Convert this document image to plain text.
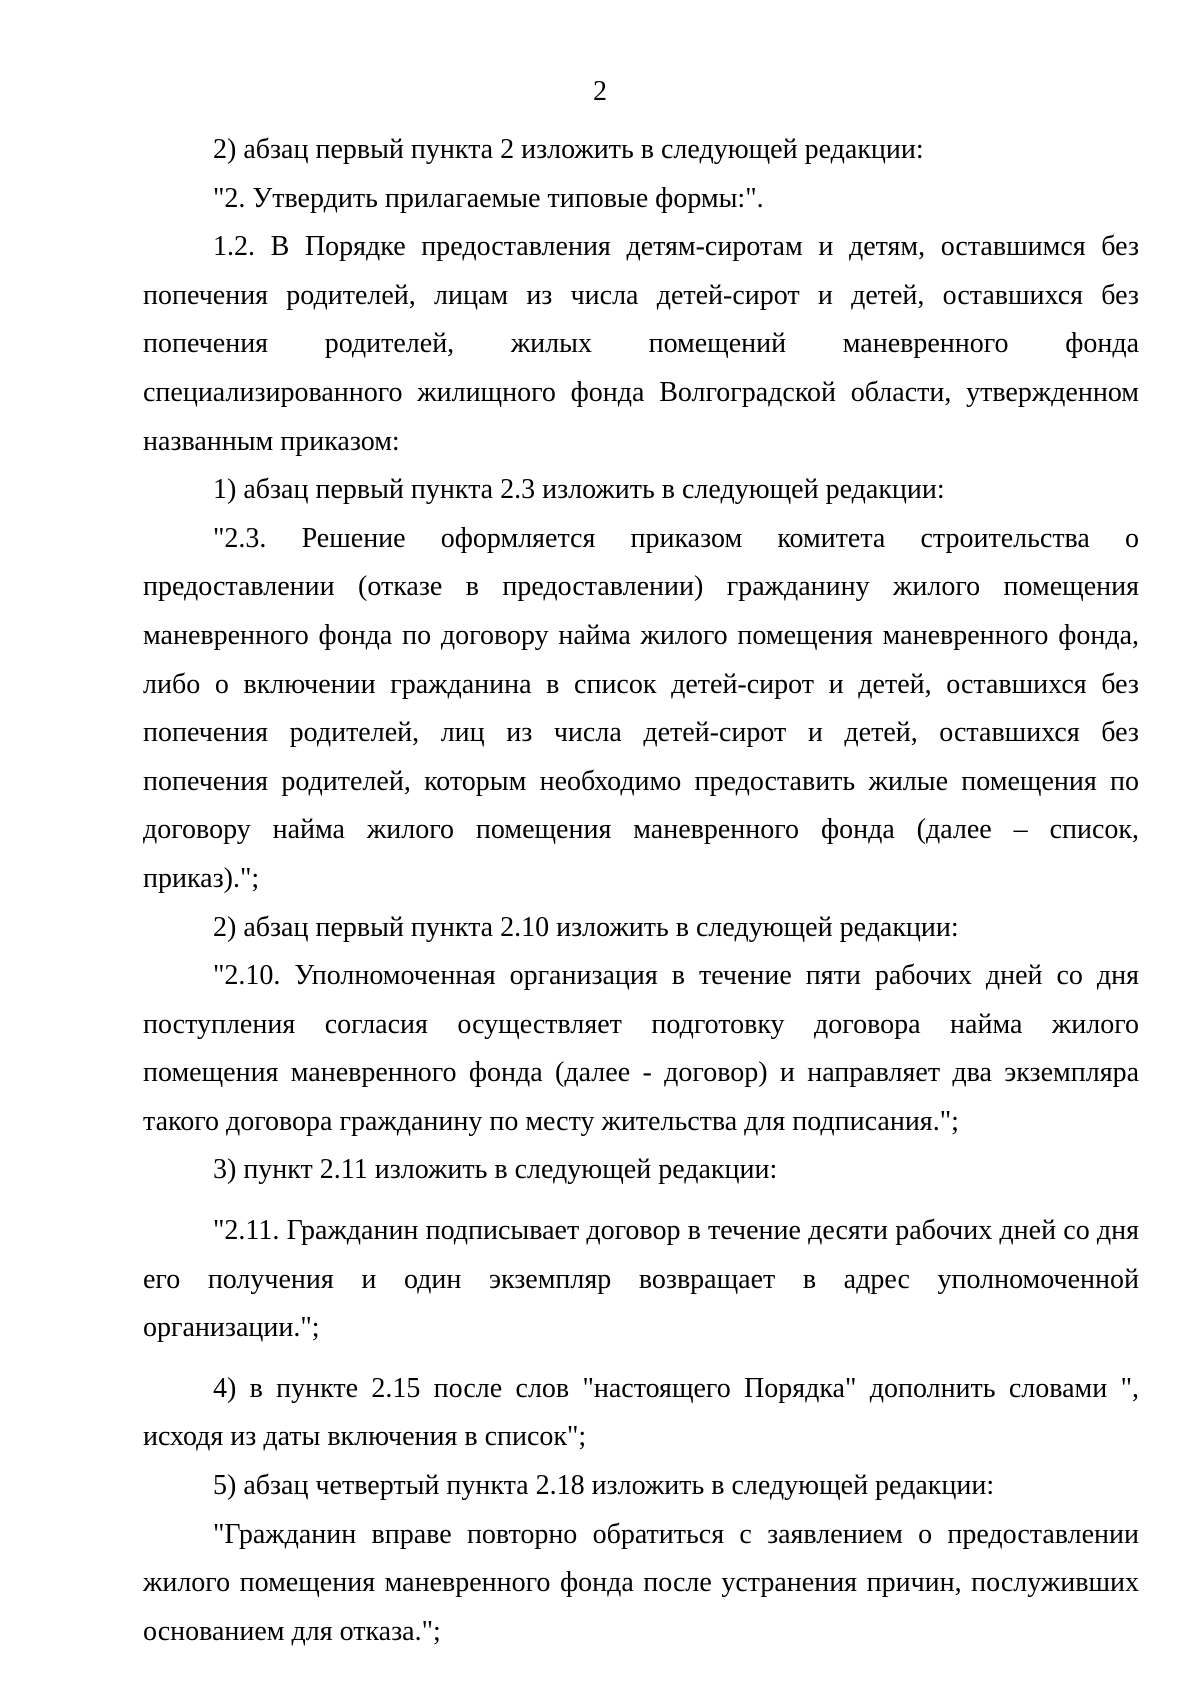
2

2) абзац первый пункта 2 изложить в следующей редакции:

"2. Утвердить прилагаемые типовые формы:".

1.2. В Порядке предоставления детям-сиротам и детям, оставшимся без попечения родителей, лицам из числа детей-сирот и детей, оставшихся без попечения родителей, жилых помещений маневренного фонда специализированного жилищного фонда Волгоградской области, утвержденном названным приказом:

1) абзац первый пункта 2.3 изложить в следующей редакции:

"2.3. Решение оформляется приказом комитета строительства о предоставлении (отказе в предоставлении) гражданину жилого помещения маневренного фонда по договору найма жилого помещения маневренного фонда, либо о включении гражданина в список детей-сирот и детей, оставшихся без попечения родителей, лиц из числа детей-сирот и детей, оставшихся без попечения родителей, которым необходимо предоставить жилые помещения по договору найма жилого помещения маневренного фонда (далее – список, приказ).";

2) абзац первый пункта 2.10 изложить в следующей редакции:

"2.10. Уполномоченная организация в течение пяти рабочих дней со дня поступления согласия осуществляет подготовку договора найма жилого помещения маневренного фонда (далее - договор) и направляет два экземпляра такого договора гражданину по месту жительства для подписания.";

3) пункт 2.11 изложить в следующей редакции:

"2.11. Гражданин подписывает договор в течение десяти рабочих дней со дня его получения и один экземпляр возвращает в адрес уполномоченной организации.";

4) в пункте 2.15 после слов "настоящего Порядка" дополнить словами ", исходя из даты включения в список";

5) абзац четвертый пункта 2.18 изложить в следующей редакции:

"Гражданин вправе повторно обратиться с заявлением о предоставлении жилого помещения маневренного фонда после устранения причин, послуживших основанием для отказа.";
